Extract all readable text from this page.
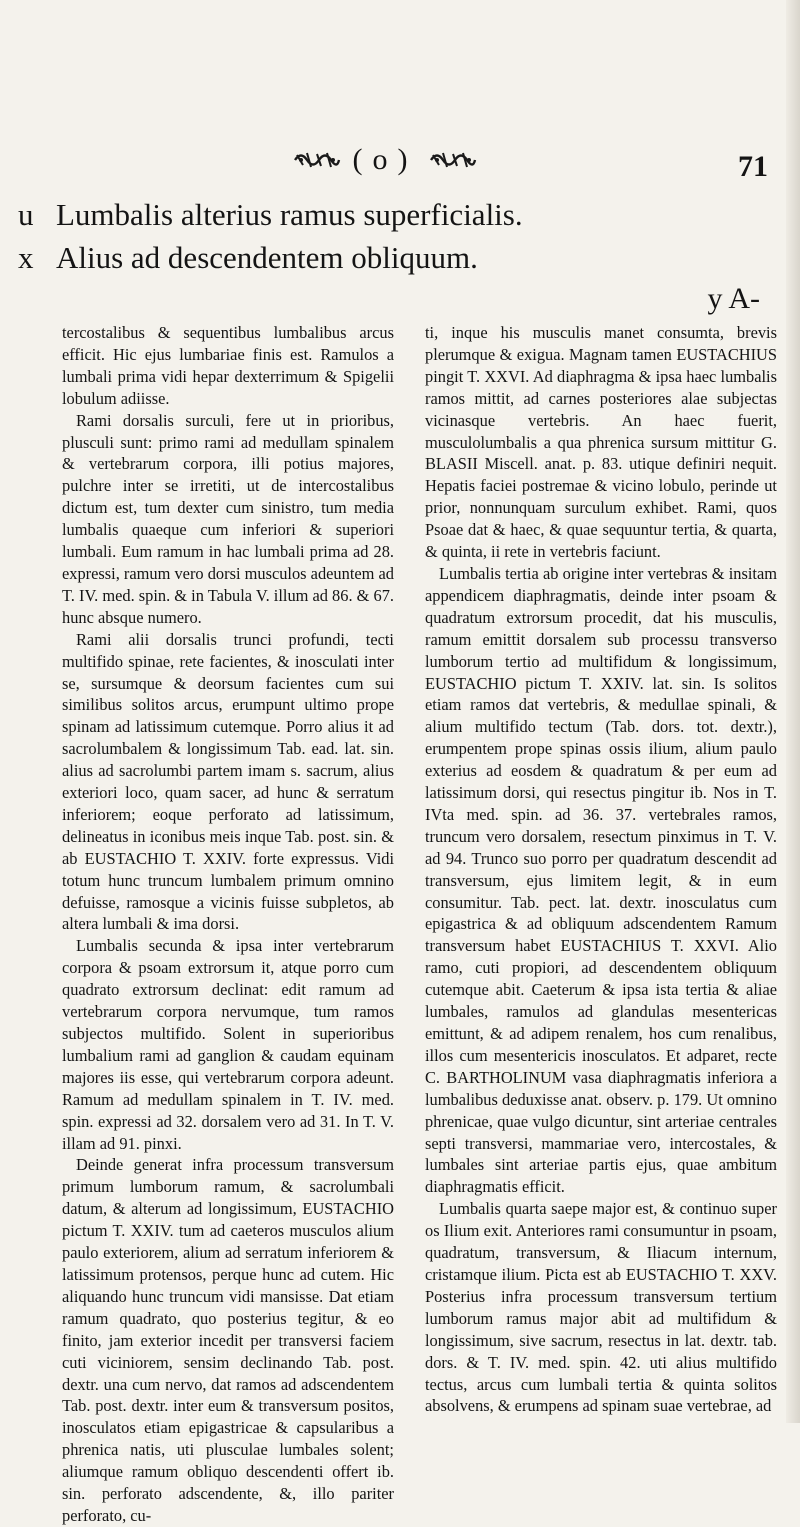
(o)	71
u Lumbalis alterius ramus superficialis.
x Alius ad descendentem obliquum.
y A-

tercostalibus & sequentibus lumbalibus arcus efficit. Hic ejus lumbariae finis est. Ramulos a lumbali prima vidi hepar dexterrimum & Spigelii lobulum adiisse.

Rami dorsalis surculi, fere ut in prioribus, plusculi sunt: primo rami ad medullam spinalem & vertebrarum corpora, illi potius majores, pulchre inter se irretiti, ut de intercostalibus dictum est, tum dexter cum sinistro, tum media lumbalis quaeque cum inferiori & superiori lumbali. Eum ramum in hac lumbali prima ad 28. expressi, ramum vero dorsi musculos adeuntem ad T. IV. med. spin. & in Tabula V. illum ad 86. & 67. hunc absque numero.

Rami alii dorsalis trunci profundi, tecti multifido spinae, rete facientes, & inosculati inter se, sursumque & deorsum facientes cum sui similibus solitos arcus, erumpunt ultimo prope spinam ad latissimum cutemque. Porro alius it ad sacrolumbalem & longissimum Tab. ead. lat. sin. alius ad sacrolumbi partem imam s. sacrum, alius exteriori loco, quam sacer, ad hunc & serratum inferiorem; eoque perforato ad latissimum, delineatus in iconibus meis inque Tab. post. sin. & ab EUSTACHIO T. XXIV. forte expressus. Vidi totum hunc truncum lumbalem primum omnino defuisse, ramosque a vicinis fuisse subpletos, ab altera lumbali & ima dorsi.

Lumbalis secunda & ipsa inter vertebrarum corpora & psoam extrorsum it, atque porro cum quadrato extrorsum declinat: edit ramum ad vertebrarum corpora nervumque, tum ramos subjectos multifido. Solent in superioribus lumbalium rami ad ganglion & caudam equinam majores iis esse, qui vertebrarum corpora adeunt. Ramum ad medullam spinalem in T. IV. med. spin. expressi ad 32. dorsalem vero ad 31. In T. V. illam ad 91. pinxi.

Deinde generat infra processum transversum primum lumborum ramum, & sacrolumbali datum, & alterum ad longissimum, EUSTACHIO pictum T. XXIV. tum ad caeteros musculos alium paulo exteriorem, alium ad serratum inferiorem & latissimum protensos, perque hunc ad cutem. Hic aliquando hunc truncum vidi mansisse. Dat etiam ramum quadrato, quo posterius tegitur, & eo finito, jam exterior incedit per transversi faciem cuti viciniorem, sensim declinando Tab. post. dextr. una cum nervo, dat ramos ad adscendentem Tab. post. dextr. inter eum & transversum positos, inosculatos etiam epigastricae & capsularibus a phrenica natis, uti plusculae lumbales solent; aliumque ramum obliquo descendenti offert ib. sin. perforato adscendente, &, illo pariter perforato, cu-

ti, inque his musculis manet consumta, brevis plerumque & exigua. Magnam tamen EUSTACHIUS pingit T. XXVI. Ad diaphragma & ipsa haec lumbalis ramos mittit, ad carnes posteriores alae subjectas vicinasque vertebris. An haec fuerit, musculolumbalis a qua phrenica sursum mittitur G. BLASII Miscell. anat. p. 83. utique definiri nequit. Hepatis faciei postremae & vicino lobulo, perinde ut prior, nonnunquam surculum exhibet. Rami, quos Psoae dat & haec, & quae sequuntur tertia, & quarta, & quinta, ii rete in vertebris faciunt.

Lumbalis tertia ab origine inter vertebras & insitam appendicem diaphragmatis, deinde inter psoam & quadratum extrorsum procedit, dat his musculis, ramum emittit dorsalem sub processu transverso lumborum tertio ad multifidum & longissimum, EUSTACHIO pictum T. XXIV. lat. sin. Is solitos etiam ramos dat vertebris, & medullae spinali, & alium multifido tectum (Tab. dors. tot. dextr.), erumpentem prope spinas ossis ilium, alium paulo exterius ad eosdem & quadratum & per eum ad latissimum dorsi, qui resectus pingitur ib. Nos in T. IVta med. spin. ad 36. 37. vertebrales ramos, truncum vero dorsalem, resectum pinximus in T. V. ad 94. Trunco suo porro per quadratum descendit ad transversum, ejus limitem legit, & in eum consumitur. Tab. pect. lat. dextr. inosculatus cum epigastrica & ad obliquum adscendentem Ramum transversum habet EUSTACHIUS T. XXVI. Alio ramo, cuti propiori, ad descendentem obliquum cutemque abit. Caeterum & ipsa ista tertia & aliae lumbales, ramulos ad glandulas mesentericas emittunt, & ad adipem renalem, hos cum renalibus, illos cum mesentericis inosculatos. Et adparet, recte C. BARTHOLINUM vasa diaphragmatis inferiora a lumbalibus deduxisse anat. observ. p. 179. Ut omnino phrenicae, quae vulgo dicuntur, sint arteriae centrales septi transversi, mammariae vero, intercostales, & lumbales sint arteriae partis ejus, quae ambitum diaphragmatis efficit.

Lumbalis quarta saepe major est, & continuo super os Ilium exit. Anteriores rami consumuntur in psoam, quadratum, transversum, & Iliacum internum, cristamque ilium. Picta est ab EUSTACHIO T. XXV. Posterius infra processum transversum tertium lumborum ramus major abit ad multifidum & longissimum, sive sacrum, resectus in lat. dextr. tab. dors. & T. IV. med. spin. 42. uti alius multifido tectus, arcus cum lumbali tertia & quinta solitos absolvens, & erumpens ad spinam suae vertebrae, ad
